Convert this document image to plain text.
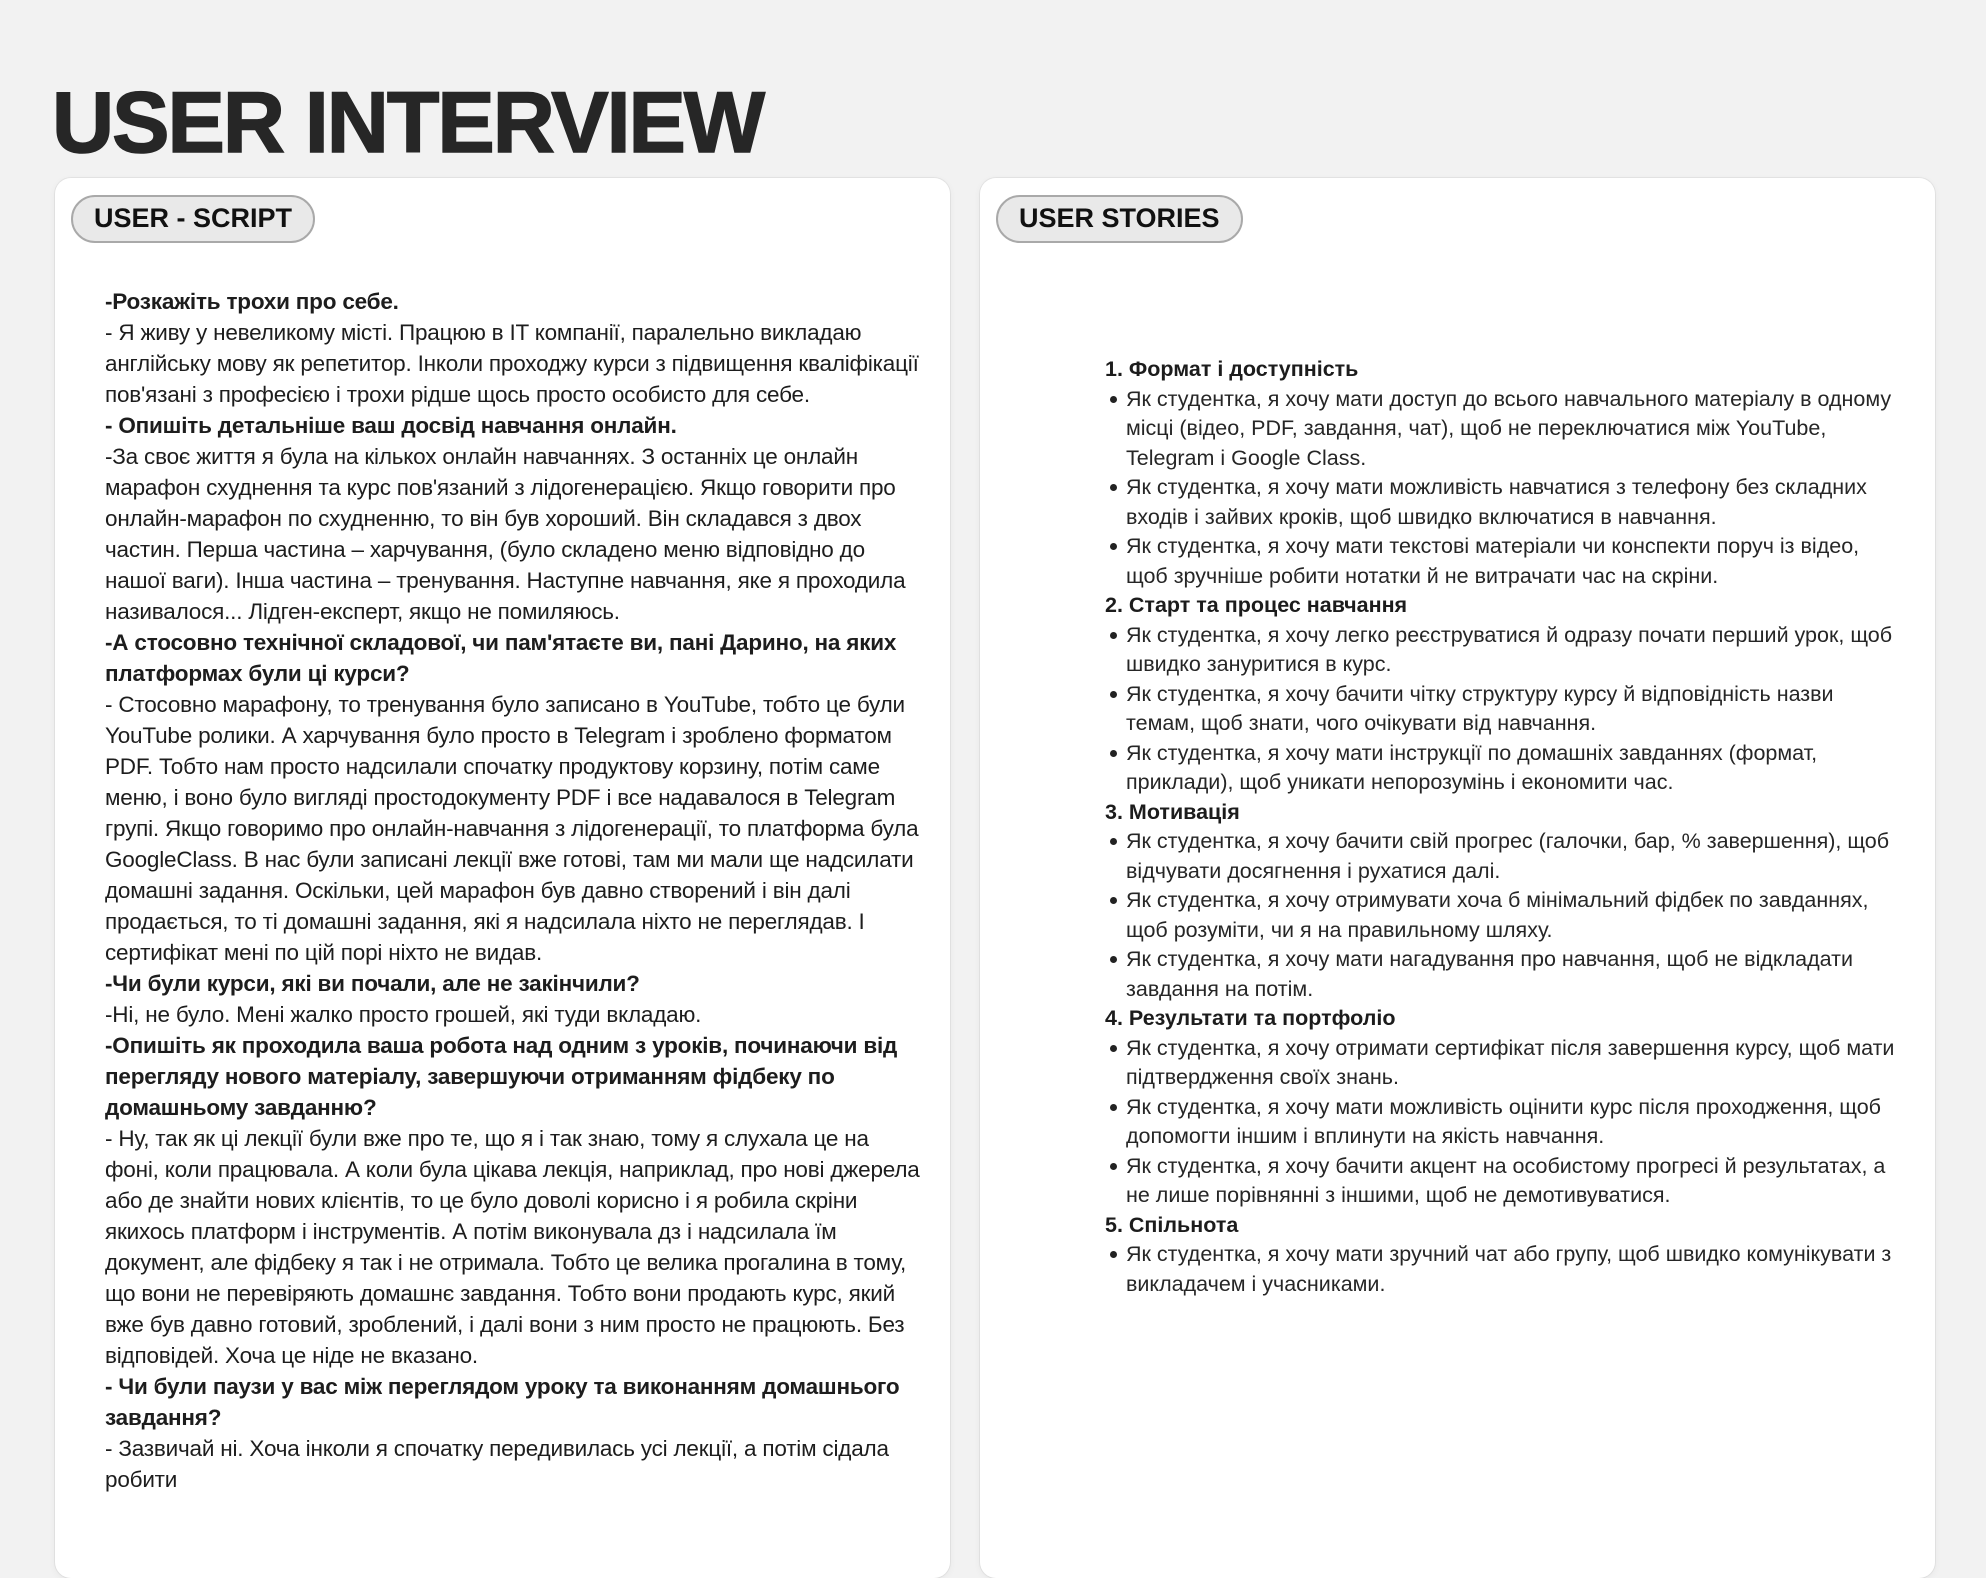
USER INTERVIEW
USER - SCRIPT

-Розкажіть трохи про себе.

- Я живу у невеликому місті. Працюю в IT компанії, паралельно викладаю англійську мову як репетитор. Інколи проходжу курси з підвищення кваліфікації пов'язані з професією і трохи рідше щось просто особисто для себе.

- Опишіть детальніше ваш досвід навчання онлайн.

-За своє життя я була на кількох онлайн навчаннях. З останніх це онлайн марафон схуднення та курс пов'язаний з лідогенерацією. Якщо говорити про онлайн-марафон по схудненню, то він був хороший. Він складався з двох частин. Перша частина – харчування, (було складено меню відповідно до нашої ваги). Інша частина – тренування. Наступне навчання, яке я проходила називалося... Лідген-експерт, якщо не помиляюсь.

-А стосовно технічної складової, чи пам'ятаєте ви, пані Дарино, на яких платформах були ці курси?

- Стосовно марафону, то тренування було записано в YouTube, тобто це були YouTube ролики. А харчування було просто в Telegram і зроблено форматом PDF. Тобто нам просто надсилали спочатку продуктову корзину, потім саме меню, і воно було вигляді простодокументу PDF і все надавалося в Telegram групі. Якщо говоримо про онлайн-навчання з лідогенерації, то платформа була GoogleClass. В нас були записані лекції вже готові, там ми мали ще надсилати домашні задання. Оскільки, цей марафон був давно створений і він далі продається, то ті домашні задання, які я надсилала ніхто не переглядав. І сертифікат мені по цій порі ніхто не видав.

-Чи були курси, які ви почали, але не закінчили?

-Ні, не було. Мені жалко просто грошей, які туди вкладаю.

-Опишіть як проходила ваша робота над одним з уроків, починаючи від перегляду нового матеріалу, завершуючи отриманням фідбеку по домашньому завданню?

- Ну, так як ці лекції були вже про те, що я і так знаю, тому я слухала це на фоні, коли працювала. А коли була цікава лекція, наприклад, про нові джерела або де знайти нових клієнтів, то це було доволі корисно і я робила скріни якихось платформ і інструментів. А потім виконувала дз і надсилала їм документ, але фідбеку я так і не отримала. Тобто це велика прогалина в тому, що вони не перевіряють домашнє завдання. Тобто вони продають курс, який вже був давно готовий, зроблений, і далі вони з ним просто не працюють. Без відповідей. Хоча це ніде не вказано.

- Чи були паузи у вас між переглядом уроку та виконанням домашнього завдання?

- Зазвичай ні. Хоча інколи я спочатку передивилась усі лекції, а потім сідала робити

USER STORIES

1. Формат і доступність

Як студентка, я хочу мати доступ до всього навчального матеріалу в одному місці (відео, PDF, завдання, чат), щоб не переключатися між YouTube, Telegram і Google Class.
Як студентка, я хочу мати можливість навчатися з телефону без складних входів і зайвих кроків, щоб швидко включатися в навчання.
Як студентка, я хочу мати текстові матеріали чи конспекти поруч із відео, щоб зручніше робити нотатки й не витрачати час на скріни.

2. Старт та процес навчання

Як студентка, я хочу легко реєструватися й одразу почати перший урок, щоб швидко зануритися в курс.
Як студентка, я хочу бачити чітку структуру курсу й відповідність назви темам, щоб знати, чого очікувати від навчання.
Як студентка, я хочу мати інструкції по домашніх завданнях (формат, приклади), щоб уникати непорозумінь і економити час.

3. Мотивація

Як студентка, я хочу бачити свій прогрес (галочки, бар, % завершення), щоб відчувати досягнення і рухатися далі.
Як студентка, я хочу отримувати хоча б мінімальний фідбек по завданнях, щоб розуміти, чи я на правильному шляху.
Як студентка, я хочу мати нагадування про навчання, щоб не відкладати завдання на потім.

4. Результати та портфоліо

Як студентка, я хочу отримати сертифікат після завершення курсу, щоб мати підтвердження своїх знань.
Як студентка, я хочу мати можливість оцінити курс після проходження, щоб допомогти іншим і вплинути на якість навчання.
Як студентка, я хочу бачити акцент на особистому прогресі й результатах, а не лише порівнянні з іншими, щоб не демотивуватися.

5. Спільнота

Як студентка, я хочу мати зручний чат або групу, щоб швидко комунікувати з викладачем і учасниками.
